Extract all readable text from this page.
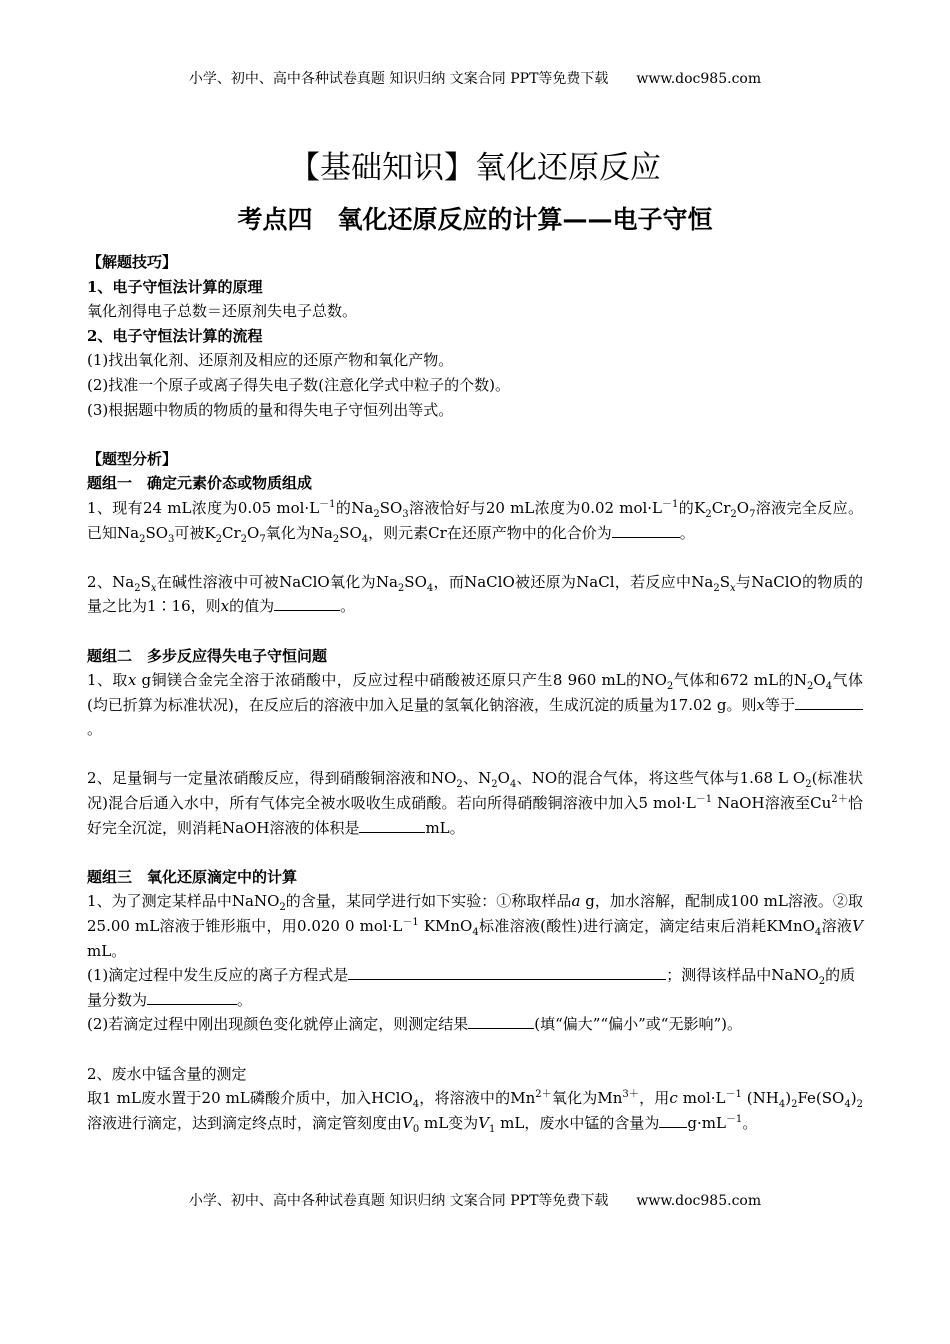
小学、初中、高中各种试卷真题 知识归纳 文案合同 PPT等免费下载 www.doc985.com
【基础知识】氧化还原反应
考点四　氧化还原反应的计算——电子守恒

【解题技巧】

1、电子守恒法计算的原理

氧化剂得电子总数＝还原剂失电子总数。

2、电子守恒法计算的流程

(1)找出氧化剂、还原剂及相应的还原产物和氧化产物。

(2)找准一个原子或离子得失电子数(注意化学式中粒子的个数)。

(3)根据题中物质的物质的量和得失电子守恒列出等式。

【题型分析】

题组一　确定元素价态或物质组成

1、现有24 mL浓度为0.05 $mol\cdot L^{-1}$的$Na_2SO_3$溶液恰好与20 mL浓度为0.02 $mol\cdot L^{-1}$的$K_2Cr_2O_7$溶液完全反应。已知$Na_2SO_3$可被$K_2Cr_2O_7$氧化为$Na_2SO_4$，则元素Cr在还原产物中的化合价为	。

2、$Na_2S_x$在碱性溶液中可被NaClO氧化为$Na_2SO_4$，而NaClO被还原为NaCl，若反应中$Na_2S_x$与NaClO的物质的量之比为1∶16，则x的值为	。

题组二　多步反应得失电子守恒问题

1、取x g铜镁合金完全溶于浓硝酸中，反应过程中硝酸被还原只产生8 960 mL的$NO_2$气体和672 mL的$N_2O_4$气体(均已折算为标准状况)，在反应后的溶液中加入足量的氢氧化钠溶液，生成沉淀的质量为17.02 g。则x等于。

2、足量铜与一定量浓硝酸反应，得到硝酸铜溶液和$NO_2$、$N_2O_4$、NO的混合气体，将这些气体与1.68 L $O_2$(标准状况)混合后通入水中，所有气体完全被水吸收生成硝酸。若向所得硝酸铜溶液中加入5 $mol\cdot L^{-1}$ NaOH溶液至$Cu^{2+}$恰好完全沉淀，则消耗NaOH溶液的体积是	mL。

题组三　氧化还原滴定中的计算

1、为了测定某样品中NaNO$_2$的含量，某同学进行如下实验：①称取样品a g，加水溶解，配制成100 mL溶液。②取25.00 mL溶液于锥形瓶中，用0.020 0 $mol\cdot L^{-1}$ KMnO$_4$标准溶液(酸性)进行滴定，滴定结束后消耗KMnO$_4$溶液V mL。

(1)滴定过程中发生反应的离子方程式是	；测得该样品中NaNO$_2$的质量分数为	。

(2)若滴定过程中刚出现颜色变化就停止滴定，则测定结果	(填“偏大”“偏小”或“无影响”)。

2、废水中锰含量的测定

取1 mL废水置于20 mL磷酸介质中，加入HClO$_4$，将溶液中的$Mn^{2+}$氧化为$Mn^{3+}$，用c $mol\cdot L^{-1}$ $(NH_4)_2Fe(SO_4)_2$溶液进行滴定，达到滴定终点时，滴定管刻度由$V_0$ mL变为$V_1$ mL，废水中锰的含量为 $g\cdot mL^{-1}$。

小学、初中、高中各种试卷真题 知识归纳 文案合同 PPT等免费下载 www.doc985.com
